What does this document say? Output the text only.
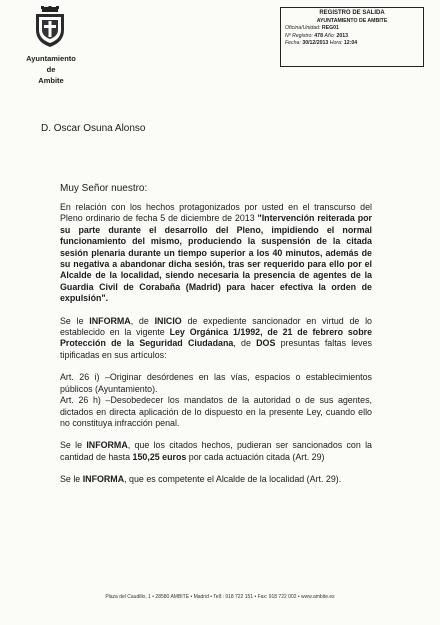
Ayuntamiento
de
Ambite
REGISTRO DE SALIDA
AYUNTAMIENTO DE AMBITE
Oficina/Unidad: REG01
Nº Registro: 478 Año: 2013
Fecha: 30/12/2013 Hora: 12:04
D. Oscar Osuna Alonso
Muy Señor nuestro:

En relación con los hechos protagonizados por usted en el transcurso del Pleno ordinario de fecha 5 de diciembre de 2013 "Intervención reiterada por su parte durante el desarrollo del Pleno, impidiendo el normal funcionamiento del mismo, produciendo la suspensión de la citada sesión plenaria durante un tiempo superior a los 40 minutos, además de su negativa a abandonar dicha sesión, tras ser requerido para ello por el Alcalde de la localidad, siendo necesaria la presencia de agentes de la Guardia Civil de Corabaña (Madrid) para hacer efectiva la orden de expulsión".

Se le INFORMA, de INICIO de expediente sancionador en virtud de lo establecido en la vigente Ley Orgánica 1/1992, de 21 de febrero sobre Protección de la Seguridad Ciudadana, de DOS presuntas faltas leves tipificadas en sus artículos:

Art. 26 i) –Originar desórdenes en las vías, espacios o establecimientos públicos (Ayuntamiento).
Art. 26 h) –Desobedecer los mandatos de la autoridad o de sus agentes, dictados en directa aplicación de lo dispuesto en la presente Ley, cuando ello no constituya infracción penal.

Se le INFORMA, que los citados hechos, pudieran ser sancionados con la cantidad de hasta 150,25 euros por cada actuación citada (Art. 29)

Se le INFORMA, que es competente el Alcalde de la localidad (Art. 29).

Plaza del Caudillo, 1 • 28580 AMBITE • Madrid • Telf.: 918 722 151 • Fax: 918 722 002 • www.ambite.es
